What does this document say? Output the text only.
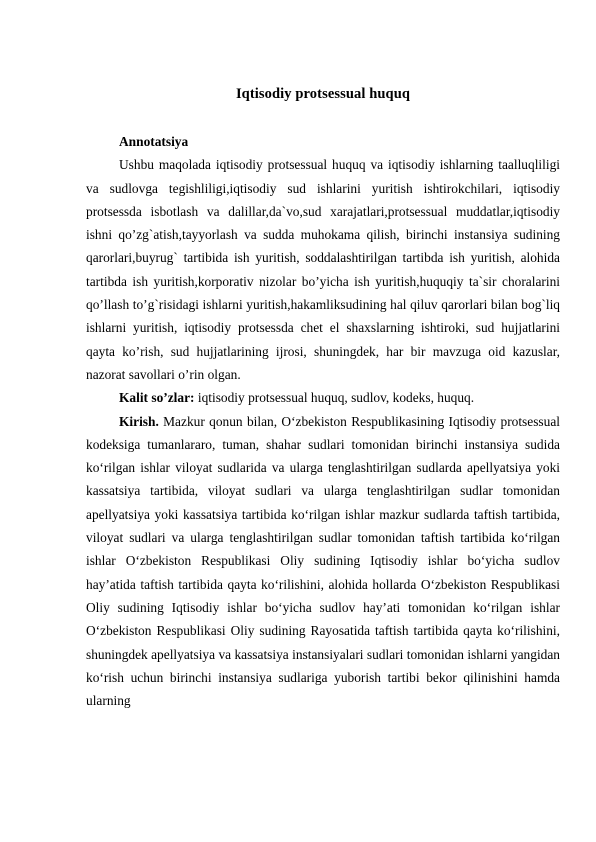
Iqtisodiy protsessual huquq

Annotatsiya

Ushbu maqolada iqtisodiy protsessual huquq va iqtisodiy ishlarning taalluqliligi va sudlovga tegishliligi,iqtisodiy sud ishlarini yuritish ishtirokchilari, iqtisodiy protsessda isbotlash va dalillar,da`vo,sud xarajatlari,protsessual muddatlar,iqtisodiy ishni qo’zg`atish,tayyorlash va sudda muhokama qilish, birinchi instansiya sudining qarorlari,buyrug` tartibida ish yuritish, soddalashtirilgan tartibda ish yuritish, alohida tartibda ish yuritish,korporativ nizolar bo’yicha ish yuritish,huquqiy ta`sir choralarini qo’llash to’g`risidagi ishlarni yuritish,hakamliksudining hal qiluv qarorlari bilan bog`liq ishlarni yuritish, iqtisodiy protsessda chet el shaxslarning ishtiroki, sud hujjatlarini qayta ko’rish, sud hujjatlarining ijrosi, shuningdek, har bir mavzuga oid kazuslar, nazorat savollari o’rin olgan.

Kalit so’zlar: iqtisodiy protsessual huquq, sudlov, kodeks, huquq.

Kirish. Mazkur qonun bilan, O‘zbekiston Respublikasining Iqtisodiy protsessual kodeksiga tumanlararo, tuman, shahar sudlari tomonidan birinchi instansiya sudida ko‘rilgan ishlar viloyat sudlarida va ularga tenglashtirilgan sudlarda apellyatsiya yoki kassatsiya tartibida, viloyat sudlari va ularga tenglashtirilgan sudlar tomonidan apellyatsiya yoki kassatsiya tartibida ko‘rilgan ishlar mazkur sudlarda taftish tartibida, viloyat sudlari va ularga tenglashtirilgan sudlar tomonidan taftish tartibida ko‘rilgan ishlar O‘zbekiston Respublikasi Oliy sudining Iqtisodiy ishlar bo‘yicha sudlov hay’atida taftish tartibida qayta ko‘rilishini, alohida hollarda O‘zbekiston Respublikasi Oliy sudining Iqtisodiy ishlar bo‘yicha sudlov hay’ati tomonidan ko‘rilgan ishlar O‘zbekiston Respublikasi Oliy sudining Rayosatida taftish tartibida qayta ko‘rilishini, shuningdek apellyatsiya va kassatsiya instansiyalari sudlari tomonidan ishlarni yangidan ko‘rish uchun birinchi instansiya sudlariga yuborish tartibi bekor qilinishini hamda ularning
